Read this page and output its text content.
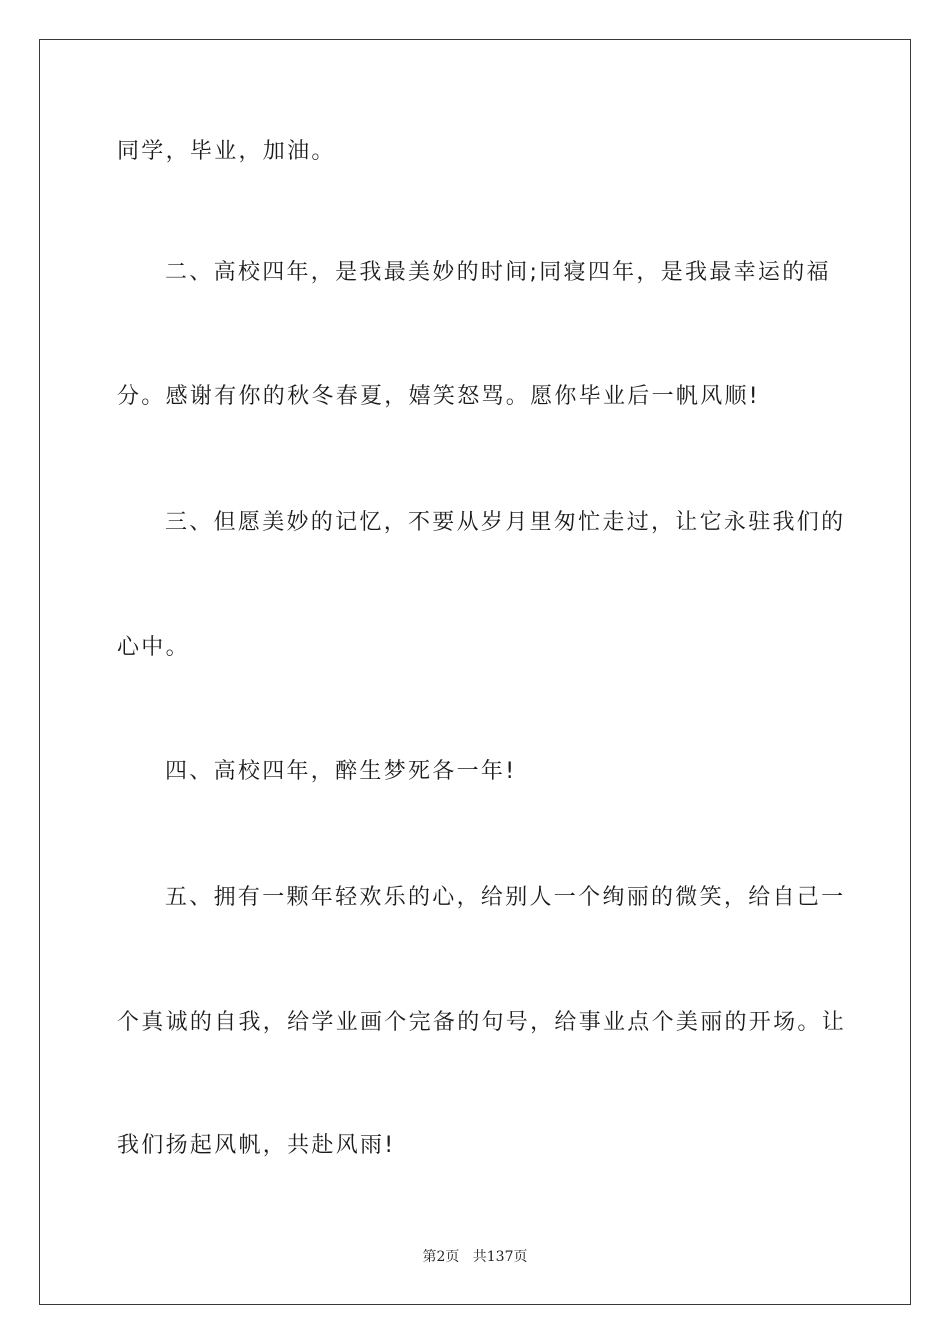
同学，毕业，加油。
二、高校四年，是我最美妙的时间;同寝四年，是我最幸运的福
分。感谢有你的秋冬春夏，嬉笑怒骂。愿你毕业后一帆风顺!
三、但愿美妙的记忆，不要从岁月里匆忙走过，让它永驻我们的
心中。
四、高校四年，醉生梦死各一年!
五、拥有一颗年轻欢乐的心，给别人一个绚丽的微笑，给自己一
个真诚的自我，给学业画个完备的句号，给事业点个美丽的开场。让
我们扬起风帆，共赴风雨!
第2页 共137页
